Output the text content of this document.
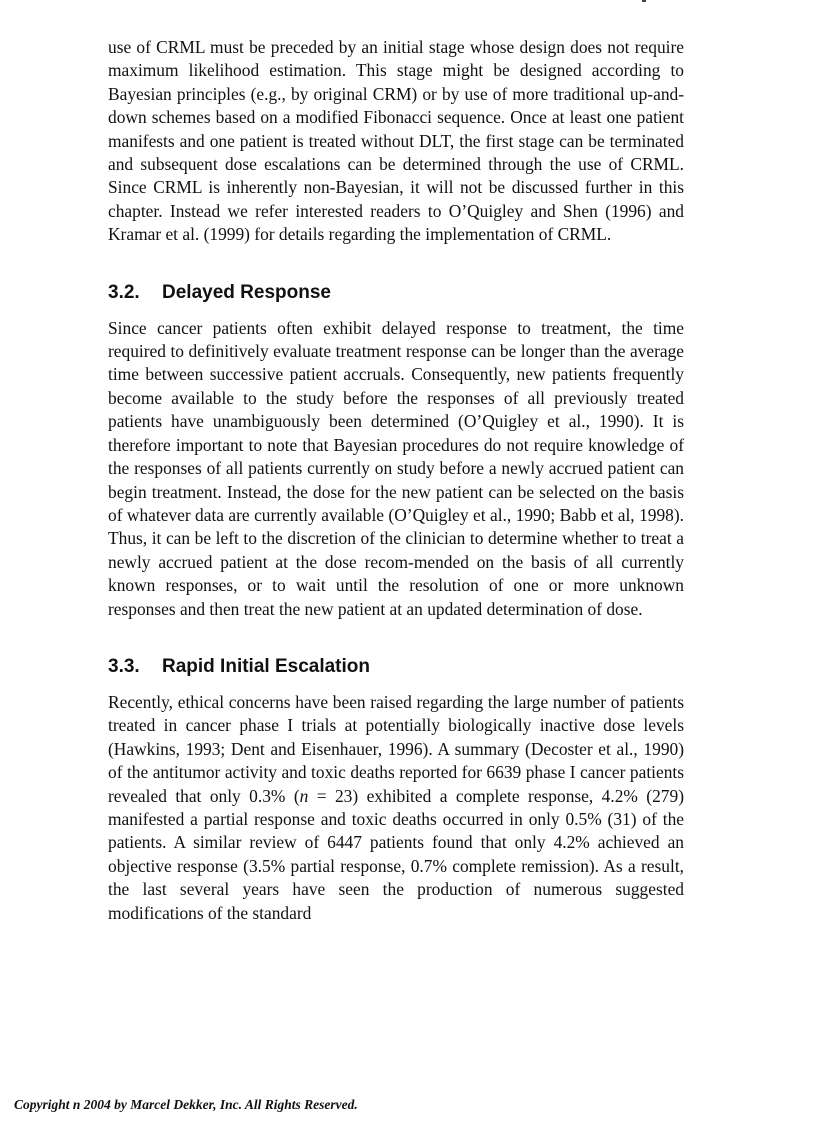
use of CRML must be preceded by an initial stage whose design does not require maximum likelihood estimation. This stage might be designed according to Bayesian principles (e.g., by original CRM) or by use of more traditional up-and-down schemes based on a modified Fibonacci sequence. Once at least one patient manifests and one patient is treated without DLT, the first stage can be terminated and subsequent dose escalations can be determined through the use of CRML. Since CRML is inherently non-Bayesian, it will not be discussed further in this chapter. Instead we refer interested readers to O’Quigley and Shen (1996) and Kramar et al. (1999) for details regarding the implementation of CRML.

3.2. Delayed Response

Since cancer patients often exhibit delayed response to treatment, the time required to definitively evaluate treatment response can be longer than the average time between successive patient accruals. Consequently, new patients frequently become available to the study before the responses of all previously treated patients have unambiguously been determined (O’Quigley et al., 1990). It is therefore important to note that Bayesian procedures do not require knowledge of the responses of all patients currently on study before a newly accrued patient can begin treatment. Instead, the dose for the new patient can be selected on the basis of whatever data are currently available (O’Quigley et al., 1990; Babb et al, 1998). Thus, it can be left to the discretion of the clinician to determine whether to treat a newly accrued patient at the dose recom-mended on the basis of all currently known responses, or to wait until the resolution of one or more unknown responses and then treat the new patient at an updated determination of dose.

3.3. Rapid Initial Escalation

Recently, ethical concerns have been raised regarding the large number of patients treated in cancer phase I trials at potentially biologically inactive dose levels (Hawkins, 1993; Dent and Eisenhauer, 1996). A summary (Decoster et al., 1990) of the antitumor activity and toxic deaths reported for 6639 phase I cancer patients revealed that only 0.3% (n = 23) exhibited a complete response, 4.2% (279) manifested a partial response and toxic deaths occurred in only 0.5% (31) of the patients. A similar review of 6447 patients found that only 4.2% achieved an objective response (3.5% partial response, 0.7% complete remission). As a result, the last several years have seen the production of numerous suggested modifications of the standard

Copyright n 2004 by Marcel Dekker, Inc. All Rights Reserved.
